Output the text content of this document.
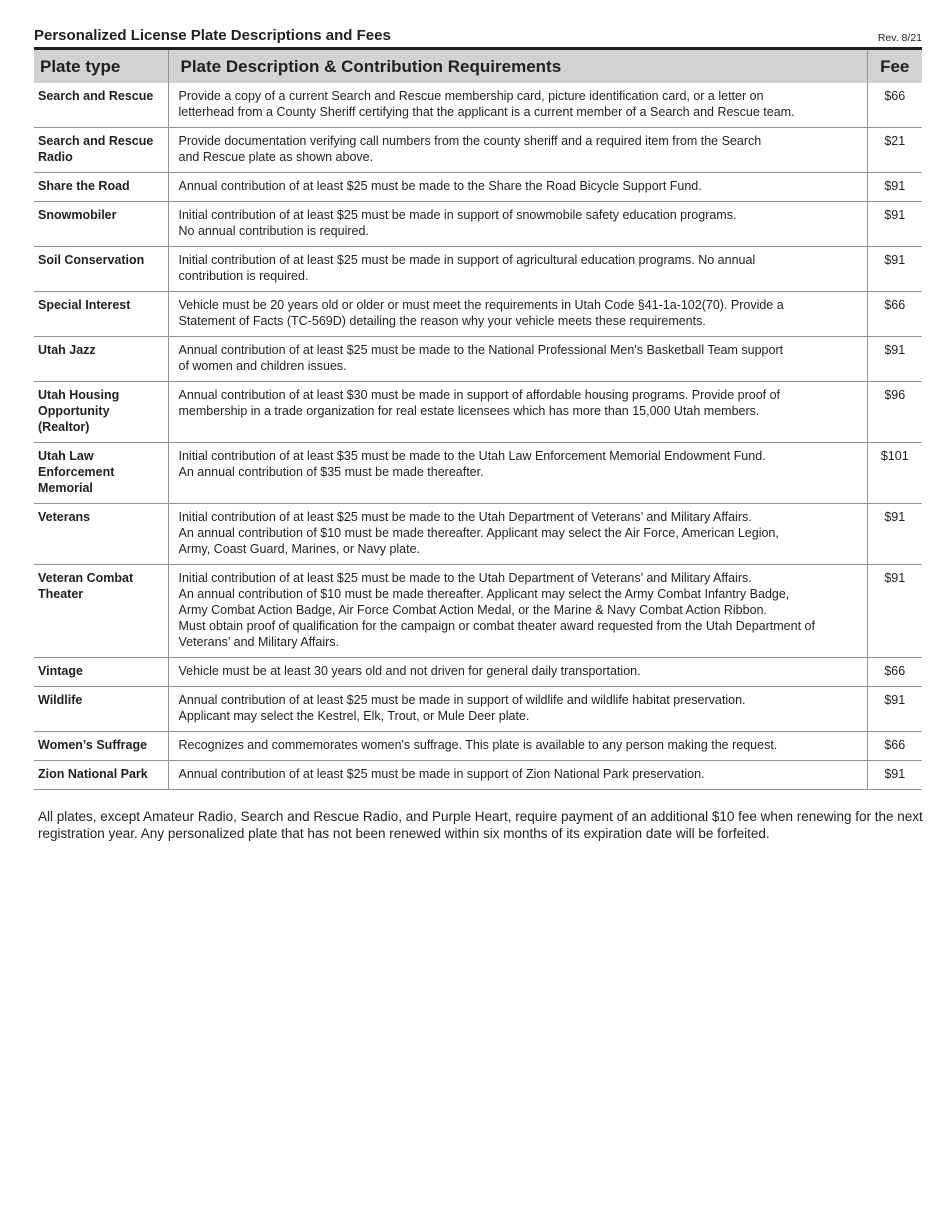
Personalized License Plate Descriptions and Fees	Rev. 8/21
Plate type	Plate Description & Contribution Requirements	Fee
Search and Rescue	Provide a copy of a current Search and Rescue membership card, picture identification card, or a letter on
letterhead from a County Sheriff certifying that the applicant is a current member of a Search and Rescue team.	$66
Search and Rescue Radio	Provide documentation verifying call numbers from the county sheriff and a required item from the Search
and Rescue plate as shown above.	$21
Share the Road	Annual contribution of at least $25 must be made to the Share the Road Bicycle Support Fund.	$91
Snowmobiler	Initial contribution of at least $25 must be made in support of snowmobile safety education programs.
No annual contribution is required.	$91
Soil Conservation	Initial contribution of at least $25 must be made in support of agricultural education programs. No annual
contribution is required.	$91
Special Interest	Vehicle must be 20 years old or older or must meet the requirements in Utah Code §41-1a-102(70). Provide a
Statement of Facts (TC-569D) detailing the reason why your vehicle meets these requirements.	$66
Utah Jazz	Annual contribution of at least $25 must be made to the National Professional Men's Basketball Team support
of women and children issues.	$91
Utah Housing Opportunity (Realtor)	Annual contribution of at least $30 must be made in support of affordable housing programs. Provide proof of
membership in a trade organization for real estate licensees which has more than 15,000 Utah members.	$96
Utah Law Enforcement Memorial	Initial contribution of at least $35 must be made to the Utah Law Enforcement Memorial Endowment Fund.
An annual contribution of $35 must be made thereafter.	$101
Veterans	Initial contribution of at least $25 must be made to the Utah Department of Veterans’ and Military Affairs.
An annual contribution of $10 must be made thereafter. Applicant may select the Air Force, American Legion,
Army, Coast Guard, Marines, or Navy plate.	$91
Veteran Combat Theater	Initial contribution of at least $25 must be made to the Utah Department of Veterans’ and Military Affairs.
An annual contribution of $10 must be made thereafter. Applicant may select the Army Combat Infantry Badge,
Army Combat Action Badge, Air Force Combat Action Medal, or the Marine & Navy Combat Action Ribbon.
Must obtain proof of qualification for the campaign or combat theater award requested from the Utah Department of
Veterans’ and Military Affairs.	$91
Vintage	Vehicle must be at least 30 years old and not driven for general daily transportation.	$66
Wildlife	Annual contribution of at least $25 must be made in support of wildlife and wildlife habitat preservation.
Applicant may select the Kestrel, Elk, Trout, or Mule Deer plate.	$91
Women’s Suffrage	Recognizes and commemorates women's suffrage. This plate is available to any person making the request.	$66
Zion National Park	Annual contribution of at least $25 must be made in support of Zion National Park preservation.	$91
All plates, except Amateur Radio, Search and Rescue Radio, and Purple Heart, require payment of an additional $10 fee when renewing for the next registration year. Any personalized plate that has not been renewed within six months of its expiration date will be forfeited.
